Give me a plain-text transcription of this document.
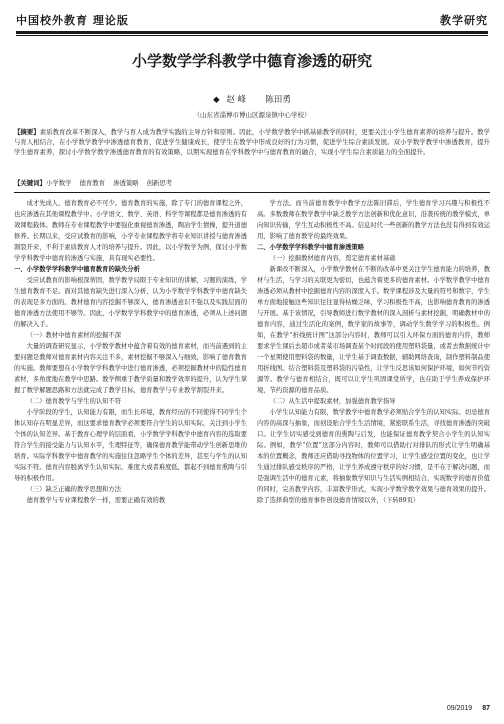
中国校外教育 理论版	教学研究
小学数学学科教学中德育渗透的研究
◆ 赵 峰 陈田勇
（山东省淄博市博山区源泉镇中心学校）
【摘要】素质教育改革不断深入，教学与育人成为教学实践的主导方针和原则。因此，小学数学教学中抓基础教学的同时，更要关注小学生德育素养的培养与提升。教学与育人相结合，在小学数学教学中渗透德育教育，促进学生健康成长，使学生在教学中形成良好的行为习惯，促进学生综合素质发展。双小学数学教学中渗透教育，提升学生德育素养，探讨小学数学教学渗透德育教育的有效策略，以期实现德育在学科教学中与德育教育的融合，实现小学生综合素质能力的全面提升。
【关键词】小学数学 德育教育 渗透策略 创新思考

成才先成人，德育教育必不可少。德育教育的实施，除了专门的德育课程之外，也应渗透在其他课程教学中。小学语文、数学、英语、科学等课程都是德育渗透的有效课程载体。教师在专业课程教学中要强化重视德育渗透，陶冶学生情操，提升道德修养。长期以来，受应试教育的影响，小学专业课程教学将专业知识讲授与德育渗透割裂开来，不利于素质教育人才的培养与提升。因此，以小学数学为例，探讨小学数学学科教学中德育的渗透与实施，具有现实必要性。

一、小学数学学科教学中德育教育的缺失分析

受应试教育的影响根深蒂固，数学教学局限于专业知识的讲解，习题的演练，学生德育教育不足。面对其德育缺失进行深入分析，认为小学数学学科教学中德育缺失的表现是多方面的。教材德育内容挖掘不够深入，德育渗透意识不强以及实践层面的德育渗透方法使用不够等。因此，小学数学学科教学中的德育渗透，必须从上述问题的解决入手。

（一）教材中德育素材的挖掘不深

大量的调查研究显示，小学数学教材中蕴含着有效的德育素材，而当前遇到的主要问题是教师对德育素材内容关注不多，素材挖掘不够深入与细致，影响了德育教育的实施。教师要想在小学数学学科教学中进行德育渗透，必须挖掘教材中的隐性德育素材，多角度地在教学中思路。教学侧重于教学质量和教学效率的提升，认为学生掌握了数学解题思路和方法就完成了教学目标，德育教学与专业教学割裂开来。

（二）德育教学与学生的认知不符

小学阶段的学生，认知能力有限，而生长环境，教育经历的不同使得不同学生个体认知存在明显差异，而这要求德育教学必须要符合学生的认知实际，关注到小学生个体的认知差异。基于教育心理学的层面看，小学数学学科教学中德育内容的选取要符合学生的接受能力与认知水平，生理特征等，确保德育教学能带动学生创新思维的培育。实际学科教学中德育教学的实施往往忽略学生个体的差异，甚至与学生的认知实际不符。德育内容脱离学生认知实际，难度大或者难度低，都起不到德育熏陶与引导的积极作用。

（三）缺乏正确的教学思想和方法

德育教学与专业课程教学一样，需要正确有效的教

学方法。而当前德育教学中教学方法陈旧滞后，学生德育学习兴趣与积极性不高。多数教师在数学教学中缺乏教学方法创新和优化意识，沿袭传统的教学模式，单向知识传输，学生互动积极性不高。信息时代一些创新的教学方法也没有得到有效运用，影响了德育教学的最终效果。

二、小学数学学科教学中德育渗透策略

（一）挖掘教材德育内容，奠定德育素材基础

新课改不断深入，小学数学教材在不断的改革中更关注学生德育能力的培养，教材与生活，与学习的关联更为密切，也蕴含着更多的德育素材。小学数学教学中德育渗透必须从教材中挖掘德育内容的深度入手。数学课程涉及大量的符号和数字，学生单方面地接触这些知识往往显得枯燥乏味，学习积极性不高，也影响德育教育的渗透与开展。基于该情况，引导教师进行数学教材的深入剖析与素材挖掘，明确教材中的德育内容，通过生活化的案例，数学家的故事等，调动学生数学学习的积极性。例如，在教学“折线统计图”这部分内容时，教师可以引入环保方面的德育内容，教师要求学生课后去超市或者菜市场调查某个时间段的使用塑料袋量，或者去数据统计中一个星期使用塑料袋的数量，让学生基于调查数据，辅助网络查询，制作塑料制品使用折线图。结合塑料袋及塑料袋的污染性，让学生反思该如何保护环境，如何节约资源等。教学与德育相结合，既可以让学生巩固课堂所学，也在助于学生养成保护环境，节约资源的德育品质。

（二）从生活中提取素材，加强德育教学指导

小学生认知能力有限，数学教学中德育教学必须贴合学生的认知实际。切忌德育内容的高深与抽象，而创设贴合学生生活情境，紧密联系生活，寻找德育渗透的突破口。让学生切实感受到德育的熏陶与启发，也能保证德育教学契合小学生的认知实际。例如，教学“位置”这部分内容时，教师可以借助行对排队的形式让学生明确基本的位置概念，教师还应借助寻找物体的位置学习，让学生感受位置的变化，也让学生通过排队感受秩序的严格，让学生养成遵守秩序的好习惯，是不在于解决问题，而是强调生活中的德育元素，将抽象数学知识与生活实例相结合，实现数学的德育价值的同时，完善教学内容，丰富教学形式，实现小学数学教学效果与德育效果的提升。除了选择典型的德育事件创设德育情境以外，（下转89页）

09/2019 87
